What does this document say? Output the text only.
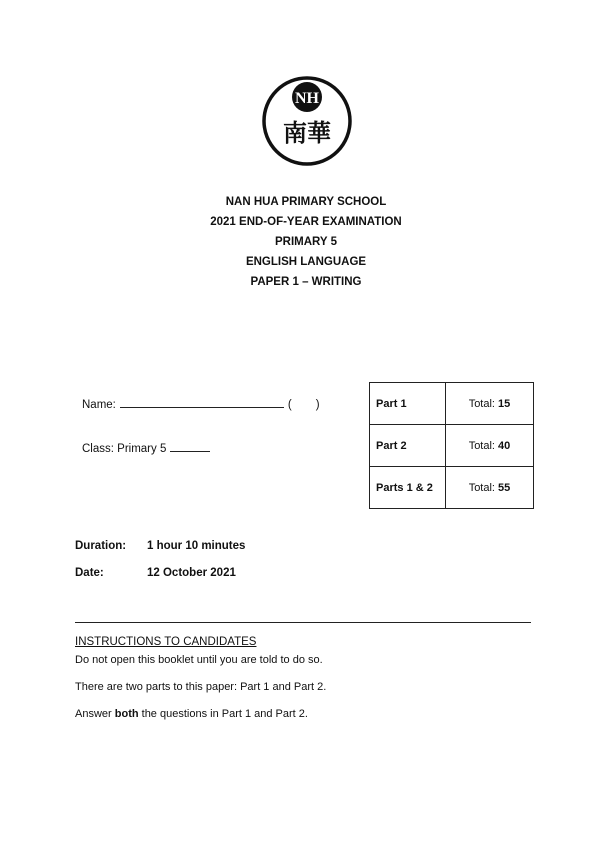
NH
南華
NAN HUA PRIMARY SCHOOL
2021 END-OF-YEAR EXAMINATION
PRIMARY 5
ENGLISH LANGUAGE
PAPER 1 – WRITING
Name:	( )
Class: Primary 5
Part 1	Total: 15
Part 2	Total: 40
Parts 1 & 2	Total: 55
Duration: 1 hour 10 minutes
Date:	12 October 2021
INSTRUCTIONS TO CANDIDATES
Do not open this booklet until you are told to do so.
There are two parts to this paper: Part 1 and Part 2.
Answer both the questions in Part 1 and Part 2.
